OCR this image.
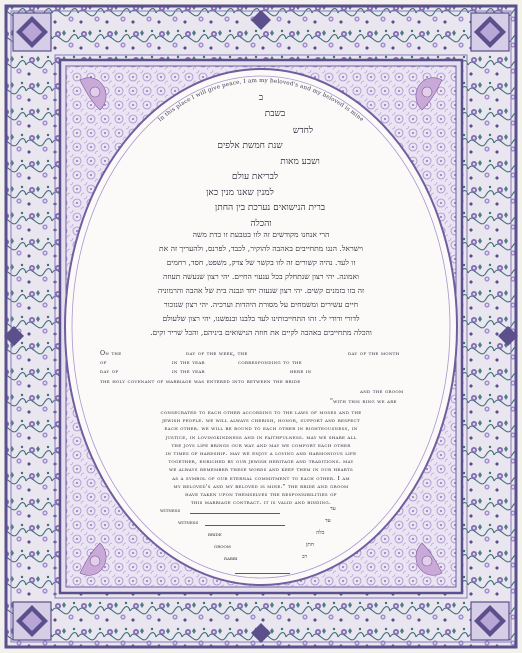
In this place I will give peace, I am my beloved's and my beloved is mine
ב
בשבת
לחדש
שנת חמשת אלפים
ושבע מאות
לבריאת עולם
למנין שאנו מנין כאן
ברית הנישואים נערכת בין החתן
והכלה
הרי אנחנו מקודשים זה לזו בטבעת זו כדת משה
וישראל. הנגו מתחייבים באהבה להוקיר, לכבד, לפרנס, ולהעריך זה את
זו לעד. נהיה קשורים זה לזו בקשר של צדק, משפט, חסד, רחמים
ואמונה. יהי רצון שנתחלק בכל ענעוי החיים. יהי רצון שנעשה תעוזה
זה בזו בזמנים קשים. יהי רצון שנעזה יחד ונבנה בית של אהבה והרמוניה
חיים עשירים ומשמחים על מסורת היהדות וערכיה. יהי רצון שנזכור
לדורי ודודי לי. זהו התחייבותינו לעד בלבנו ובנפשנו, יהי רצון שלעולם
והכלה מתחייבים באהבה לקיים את חוזה הנישואים ביניהם, והכל שריר וקים.
On the	day of the week, the	day of the month
of	in the year	corresponding to the
day of	in the year	here in
the holy covenant of marriage was entered into between the bride
and the groom
"with this ring we are
consecrated to each other according to the laws of moses and the
jewish people. we will always cherish, honor, support and respect
each other. we will be bound to each other in righteousness, in
justice, in lovingkindness and in faithfulness. may we share all
the joys life brings our way and may we comfort each other
in times of hardship. may we enjoy a loving and harmonious life
together, enriched by our jewish heritage and traditions. may
we always remember these words and keep them in our hearts
as a symbol of our eternal commitment to each other. I am
my beloved's and my beloved is mine." the bride and groom
have taken upon themselves the responsibilities of
this marriage contract. it is valid and binding.
witness	עד
witness	עד
bride	כלה
groom	חתן
rabbi	רב
